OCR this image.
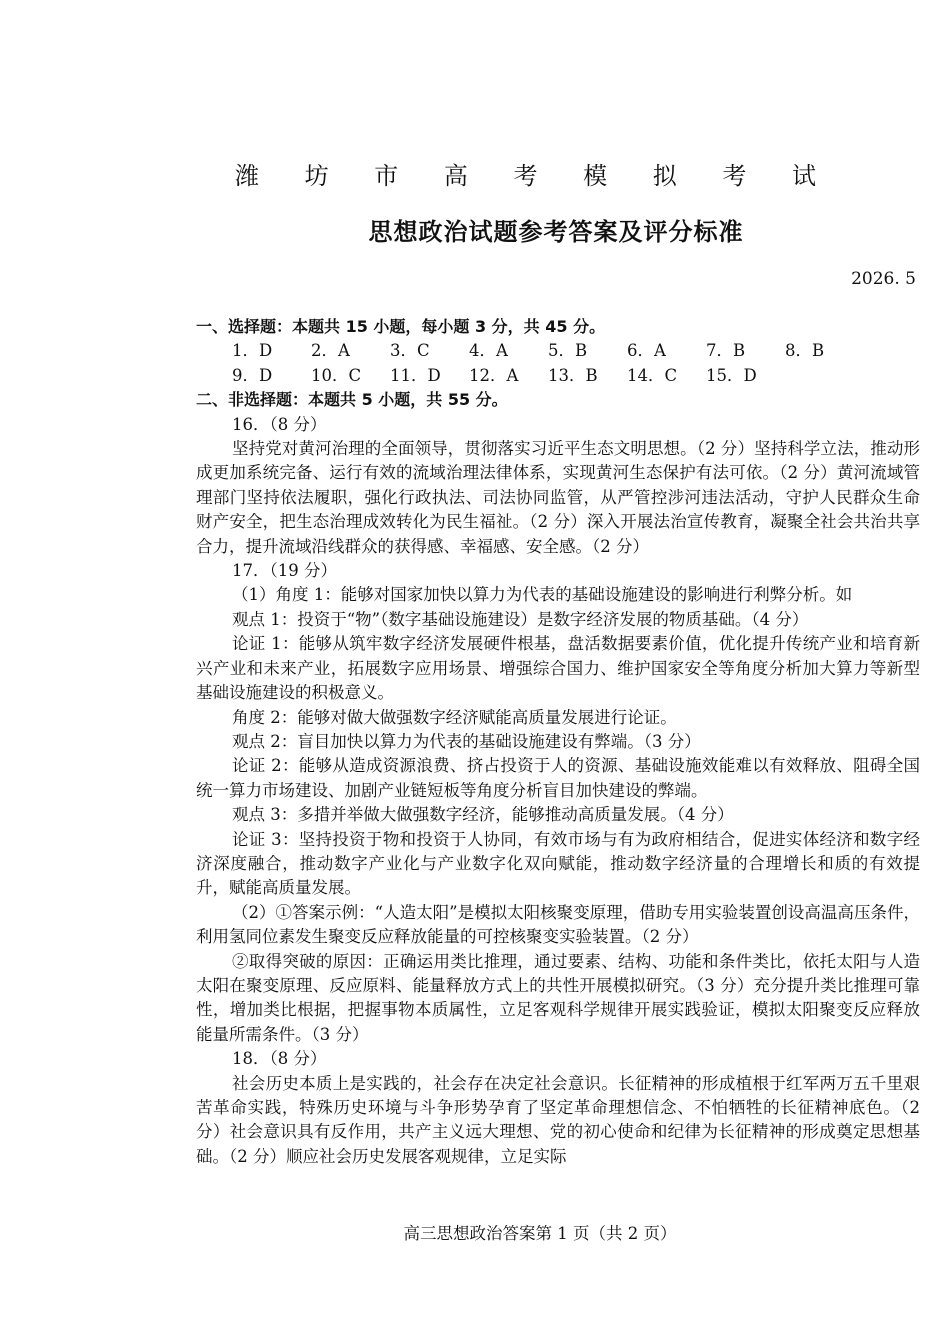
潍 坊 市 高 考 模 拟 考 试
思想政治试题参考答案及评分标准
2026. 5

一、选择题：本题共 15 小题，每小题 3 分，共 45 分。

1．D	2．A	3．C	4．A	5．B	6．A	7．B	8．B
9．D	10．C	11．D	12．A	13．B	14．C	15．D

二、非选择题：本题共 5 小题，共 55 分。

16．（8 分）

坚持党对黄河治理的全面领导，贯彻落实习近平生态文明思想。（2 分）坚持科学立法，推动形成更加系统完备、运行有效的流域治理法律体系，实现黄河生态保护有法可依。（2 分）黄河流域管理部门坚持依法履职，强化行政执法、司法协同监管，从严管控涉河违法活动，守护人民群众生命财产安全，把生态治理成效转化为民生福祉。（2 分）深入开展法治宣传教育，凝聚全社会共治共享合力，提升流域沿线群众的获得感、幸福感、安全感。（2 分）

17．（19 分）

（1）角度 1：能够对国家加快以算力为代表的基础设施建设的影响进行利弊分析。如

观点 1：投资于“物”（数字基础设施建设）是数字经济发展的物质基础。（4 分）

论证 1：能够从筑牢数字经济发展硬件根基，盘活数据要素价值，优化提升传统产业和培育新兴产业和未来产业，拓展数字应用场景、增强综合国力、维护国家安全等角度分析加大算力等新型基础设施建设的积极意义。

角度 2：能够对做大做强数字经济赋能高质量发展进行论证。

观点 2：盲目加快以算力为代表的基础设施建设有弊端。（3 分）

论证 2：能够从造成资源浪费、挤占投资于人的资源、基础设施效能难以有效释放、阻碍全国统一算力市场建设、加剧产业链短板等角度分析盲目加快建设的弊端。

观点 3：多措并举做大做强数字经济，能够推动高质量发展。（4 分）

论证 3：坚持投资于物和投资于人协同，有效市场与有为政府相结合，促进实体经济和数字经济深度融合，推动数字产业化与产业数字化双向赋能，推动数字经济量的合理增长和质的有效提升，赋能高质量发展。

（2）①答案示例：“人造太阳”是模拟太阳核聚变原理，借助专用实验装置创设高温高压条件，利用氢同位素发生聚变反应释放能量的可控核聚变实验装置。（2 分）

②取得突破的原因：正确运用类比推理，通过要素、结构、功能和条件类比，依托太阳与人造太阳在聚变原理、反应原料、能量释放方式上的共性开展模拟研究。（3 分）充分提升类比推理可靠性，增加类比根据，把握事物本质属性，立足客观科学规律开展实践验证，模拟太阳聚变反应释放能量所需条件。（3 分）

18．（8 分）

社会历史本质上是实践的，社会存在决定社会意识。长征精神的形成植根于红军两万五千里艰苦革命实践，特殊历史环境与斗争形势孕育了坚定革命理想信念、不怕牺牲的长征精神底色。（2 分）社会意识具有反作用，共产主义远大理想、党的初心使命和纪律为长征精神的形成奠定思想基础。（2 分）顺应社会历史发展客观规律，立足实际

高三思想政治答案第 1 页（共 2 页）
